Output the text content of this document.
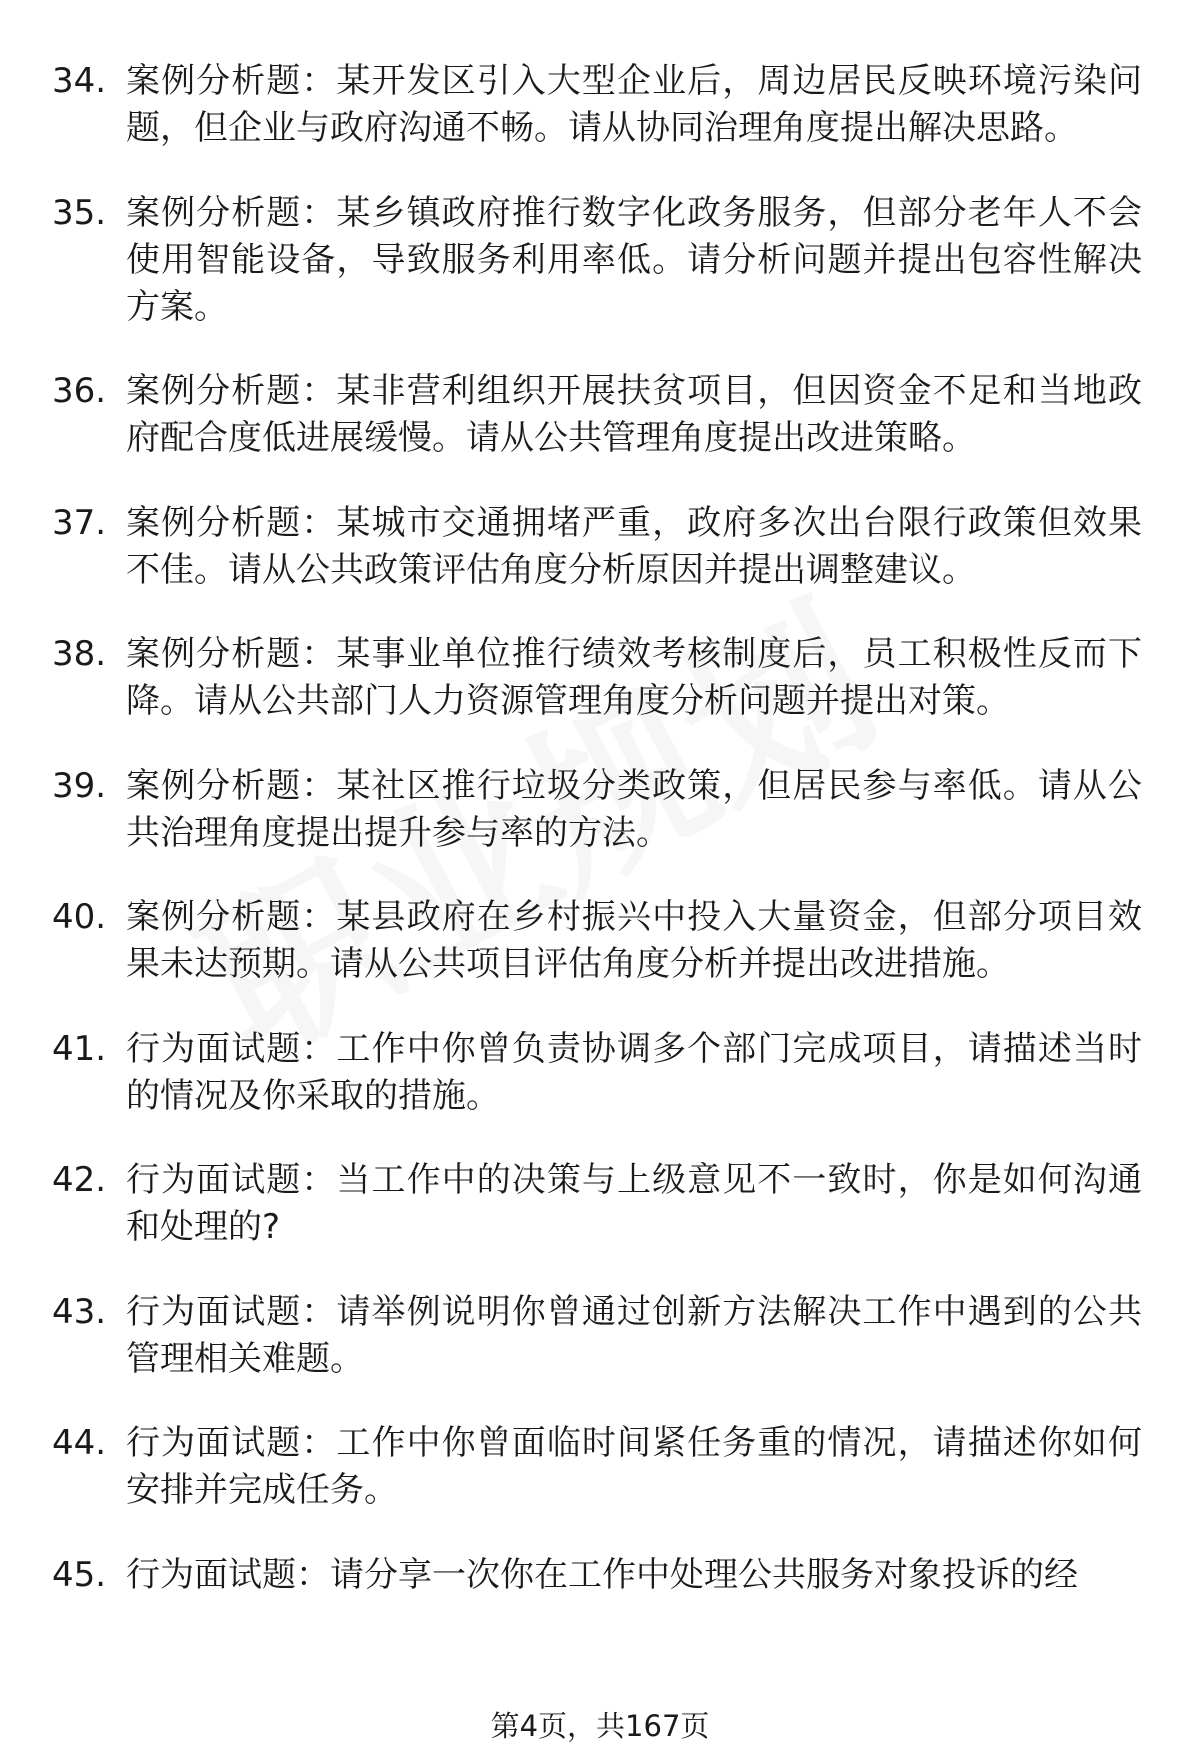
34. 案例分析题：某开发区引入大型企业后，周边居民反映环境污染问题，但企业与政府沟通不畅。请从协同治理角度提出解决思路。
35. 案例分析题：某乡镇政府推行数字化政务服务，但部分老年人不会使用智能设备，导致服务利用率低。请分析问题并提出包容性解决方案。
36. 案例分析题：某非营利组织开展扶贫项目，但因资金不足和当地政府配合度低进展缓慢。请从公共管理角度提出改进策略。
37. 案例分析题：某城市交通拥堵严重，政府多次出台限行政策但效果不佳。请从公共政策评估角度分析原因并提出调整建议。
38. 案例分析题：某事业单位推行绩效考核制度后，员工积极性反而下降。请从公共部门人力资源管理角度分析问题并提出对策。
39. 案例分析题：某社区推行垃圾分类政策，但居民参与率低。请从公共治理角度提出提升参与率的方法。
40. 案例分析题：某县政府在乡村振兴中投入大量资金，但部分项目效果未达预期。请从公共项目评估角度分析并提出改进措施。
41. 行为面试题：工作中你曾负责协调多个部门完成项目，请描述当时的情况及你采取的措施。
42. 行为面试题：当工作中的决策与上级意见不一致时，你是如何沟通和处理的?
43. 行为面试题：请举例说明你曾通过创新方法解决工作中遇到的公共管理相关难题。
44. 行为面试题：工作中你曾面临时间紧任务重的情况，请描述你如何安排并完成任务。
45. 行为面试题：请分享一次你在工作中处理公共服务对象投诉的经
第4页，共167页
